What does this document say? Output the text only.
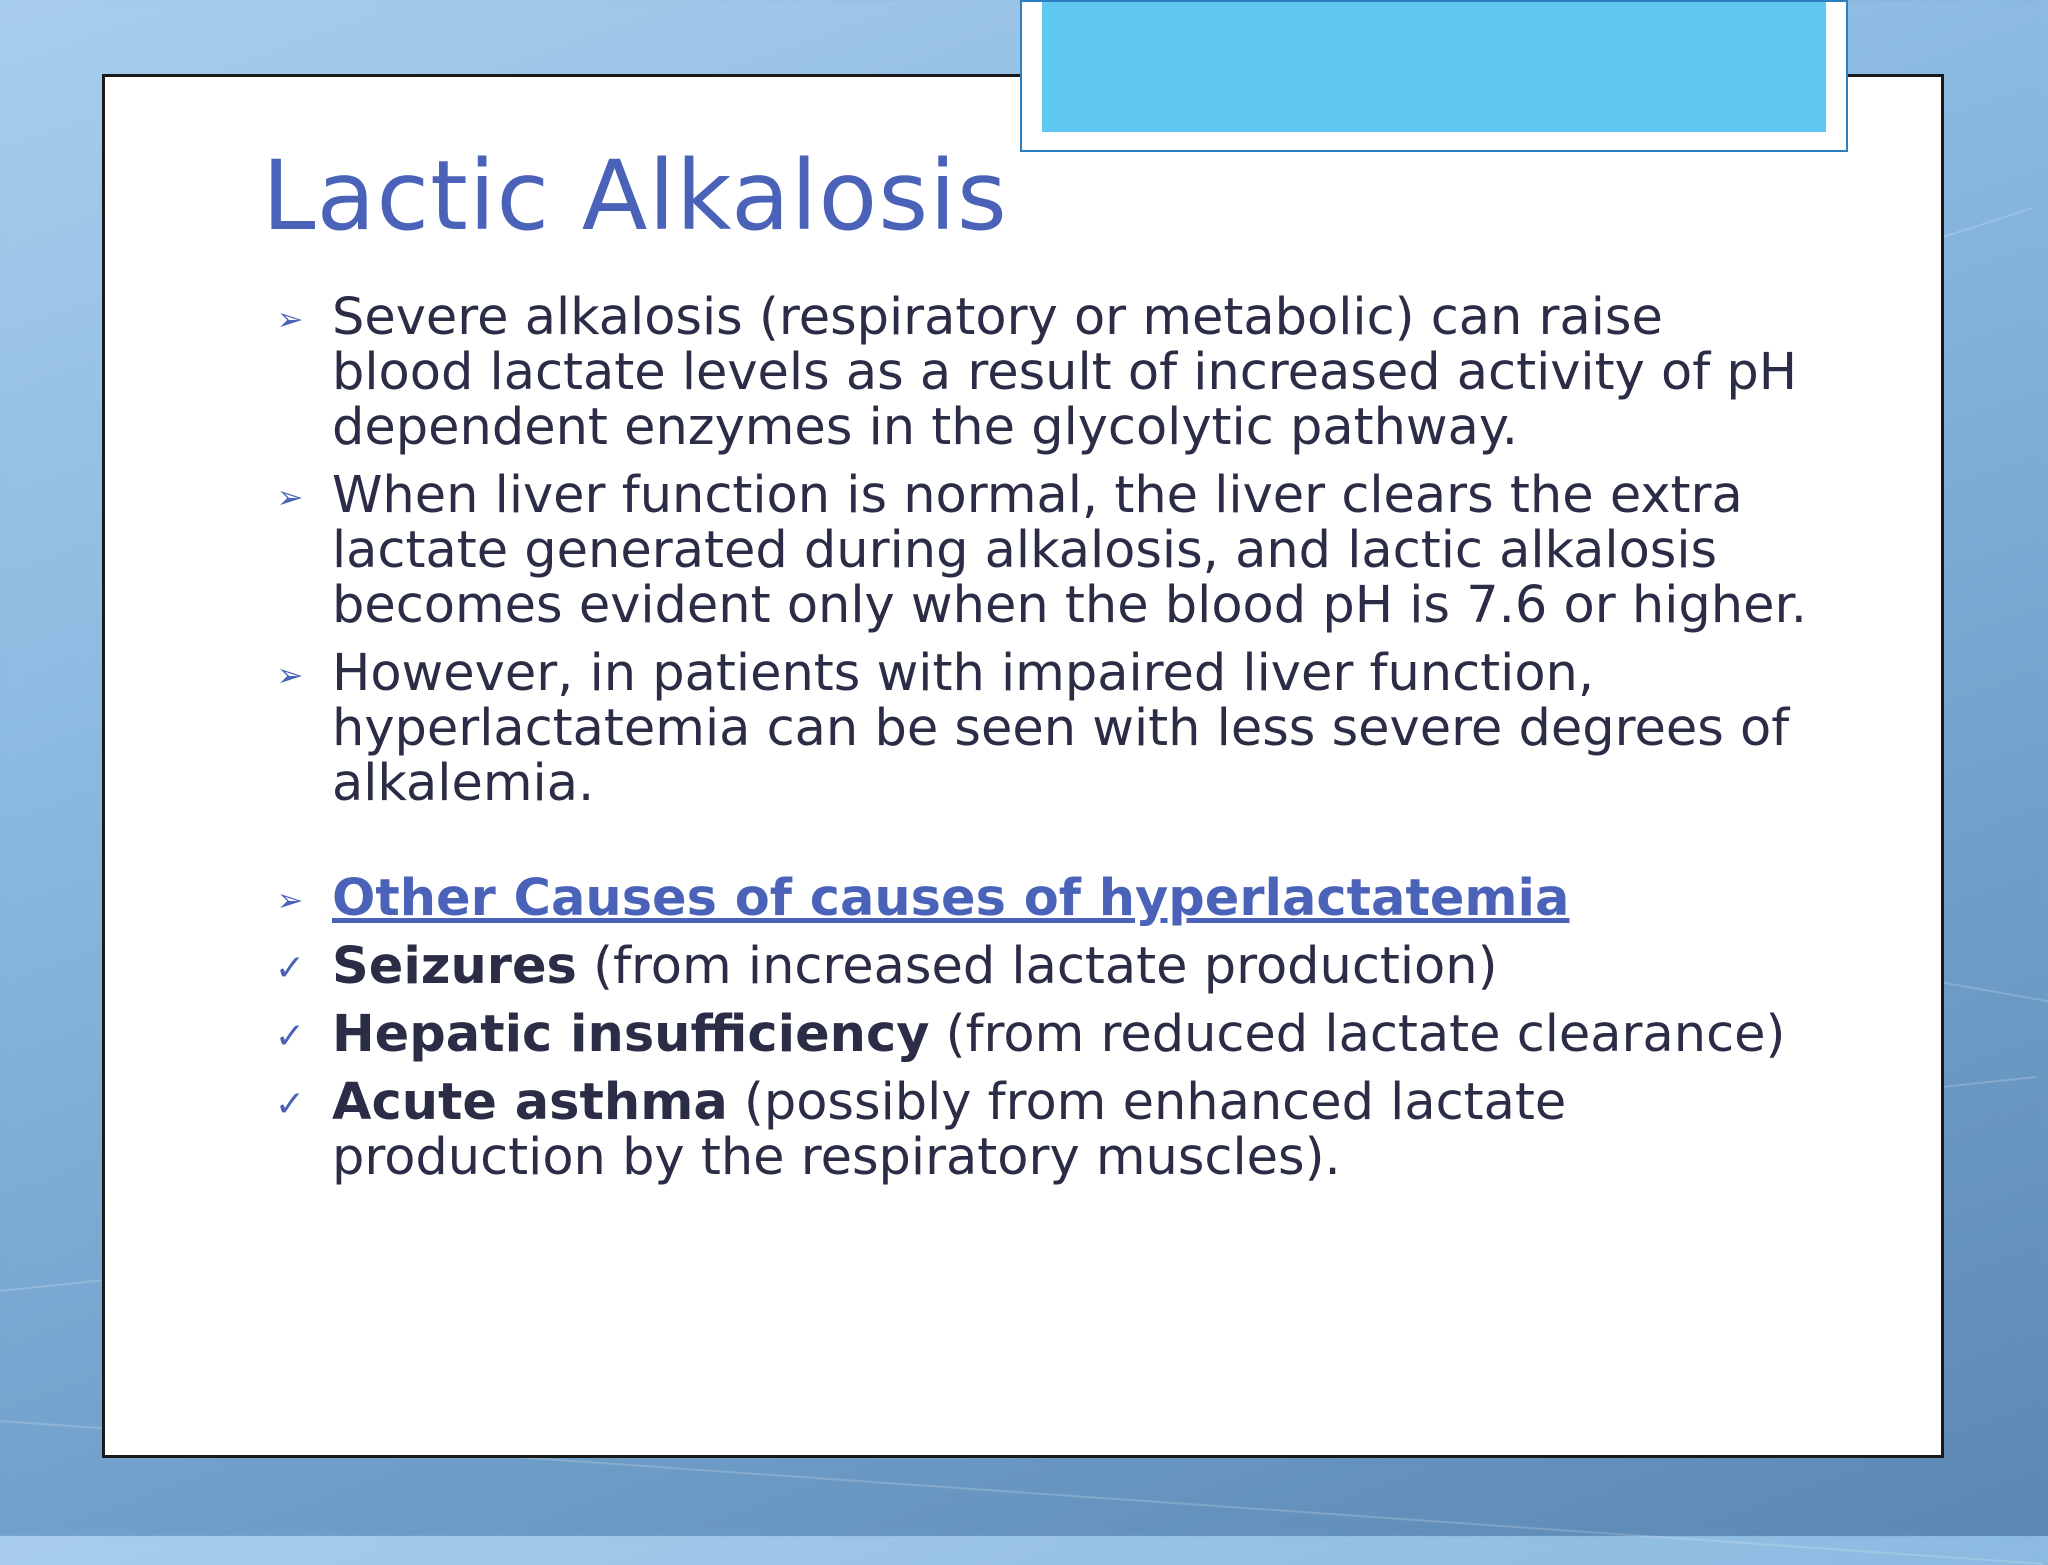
Lactic Alkalosis
➢ Severe alkalosis (respiratory or metabolic) can raise blood lactate levels as a result of increased activity of pH dependent enzymes in the glycolytic pathway.
➢ When liver function is normal, the liver clears the extra lactate generated during alkalosis, and lactic alkalosis becomes evident only when the blood pH is 7.6 or higher.
➢ However, in patients with impaired liver function, hyperlactatemia can be seen with less severe degrees of alkalemia.
➢ Other Causes of causes of hyperlactatemia
✓ Seizures (from increased lactate production)
✓ Hepatic insufficiency (from reduced lactate clearance)
✓ Acute asthma (possibly from enhanced lactate production by the respiratory muscles).
